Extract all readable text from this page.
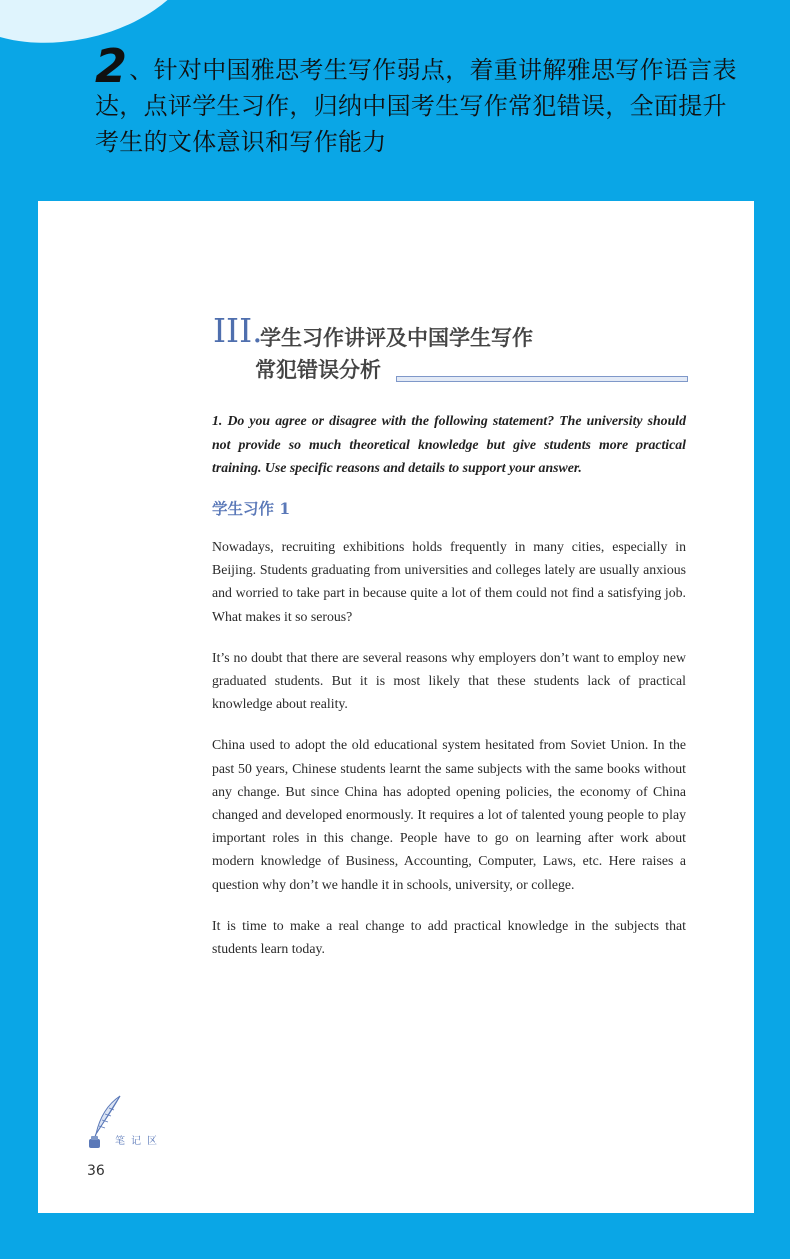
2、针对中国雅思考生写作弱点，着重讲解雅思写作语言表达，点评学生习作，归纳中国考生写作常犯错误，全面提升考生的文体意识和写作能力
III.
学生习作讲评及中国学生写作
常犯错误分析
1. Do you agree or disagree with the following statement? The university should not provide so much theoretical knowledge but give students more practical training. Use specific reasons and details to support your answer.
学生习作 1

Nowadays, recruiting exhibitions holds frequently in many cities, especially in Beijing. Students graduating from universities and colleges lately are usually anxious and worried to take part in because quite a lot of them could not find a satisfying job. What makes it so serous?

It’s no doubt that there are several reasons why employers don’t want to employ new graduated students. But it is most likely that these students lack of practical knowledge about reality.

China used to adopt the old educational system hesitated from Soviet Union. In the past 50 years, Chinese students learnt the same subjects with the same books without any change. But since China has adopted opening policies, the economy of China changed and developed enormously. It requires a lot of talented young people to play important roles in this change. People have to go on learning after work about modern knowledge of Business, Accounting, Computer, Laws, etc. Here raises a question why don’t we handle it in schools, university, or college.

It is time to make a real change to add practical knowledge in the subjects that students learn today.

笔记区
36
